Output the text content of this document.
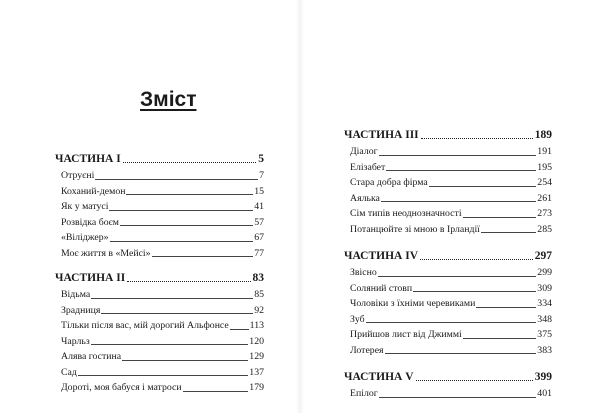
Зміст
ЧАСТИНА I	5
Отруєні	7
Коханий-демон	15
Як у матусі	41
Розвідка боєм	57
«Віліджер»	67
Моє життя в «Мейсі»	77
ЧАСТИНА II	83
Відьма	85
Зрадниця	92
Тільки після вас, мій дорогий Альфонсе 113
Чарльз	120
Алява гостина	129
Сад	137
Дороті, моя бабуся і матроси	179
ЧАСТИНА III	189
Діалог	191
Елізабет	195
Стара добра фірма	254
Аялька	261
Сім типів неоднозначності	273
Потанцюйте зі мною в Ірландії	285
ЧАСТИНА IV	297
Звісно	299
Соляний стовп	309
Чоловіки з їхніми черевиками	334
Зуб	348
Прийшов лист від Джиммі	375
Лотерея	383
ЧАСТИНА V	399
Епілог	401
